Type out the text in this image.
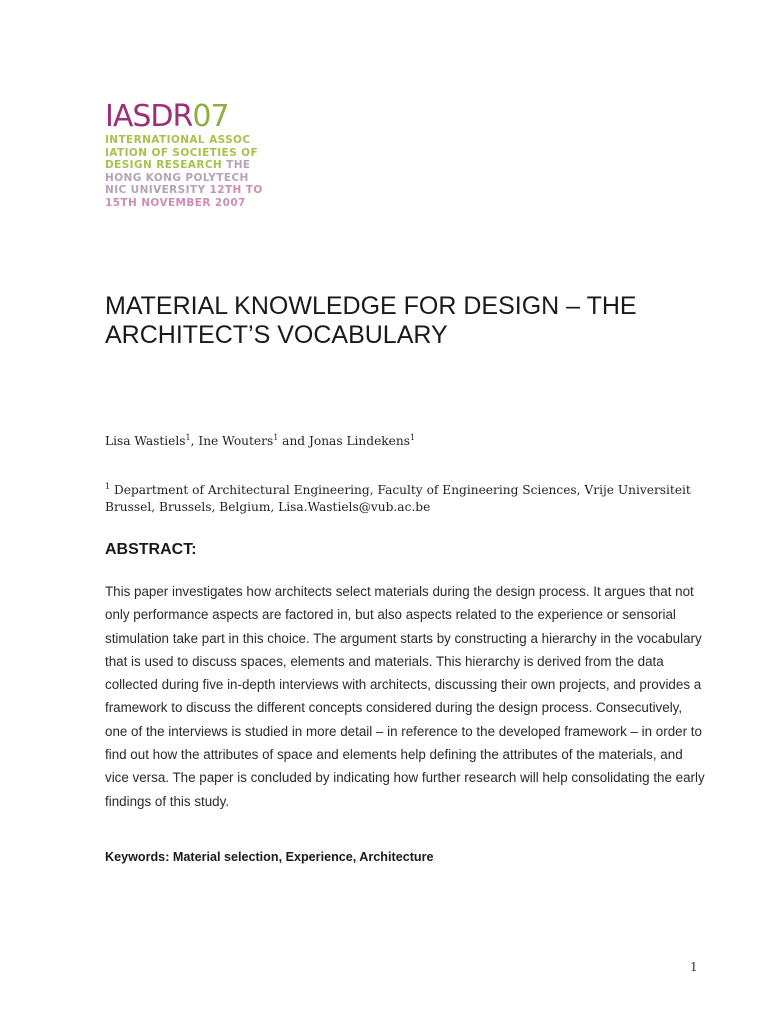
IASDR07
INTERNATIONAL ASSOC
IATION OF SOCIETIES OF
DESIGN RESEARCH THE
HONG KONG POLYTECH
NIC UNIVERSITY 12TH TO
15TH NOVEMBER 2007
MATERIAL KNOWLEDGE FOR DESIGN – THE ARCHITECT’S VOCABULARY
Lisa Wastiels$^1$, Ine Wouters$^1$ and Jonas Lindekens$^1$
$^1$ Department of Architectural Engineering, Faculty of Engineering Sciences, Vrije Universiteit Brussel, Brussels, Belgium, Lisa.Wastiels@vub.ac.be
ABSTRACT:

This paper investigates how architects select materials during the design process. It argues that not only performance aspects are factored in, but also aspects related to the experience or sensorial stimulation take part in this choice. The argument starts by constructing a hierarchy in the vocabulary that is used to discuss spaces, elements and materials. This hierarchy is derived from the data collected during five in-depth interviews with architects, discussing their own projects, and provides a framework to discuss the different concepts considered during the design process. Consecutively, one of the interviews is studied in more detail – in reference to the developed framework – in order to find out how the attributes of space and elements help defining the attributes of the materials, and vice versa. The paper is concluded by indicating how further research will help consolidating the early findings of this study.

Keywords: Material selection, Experience, Architecture
1
